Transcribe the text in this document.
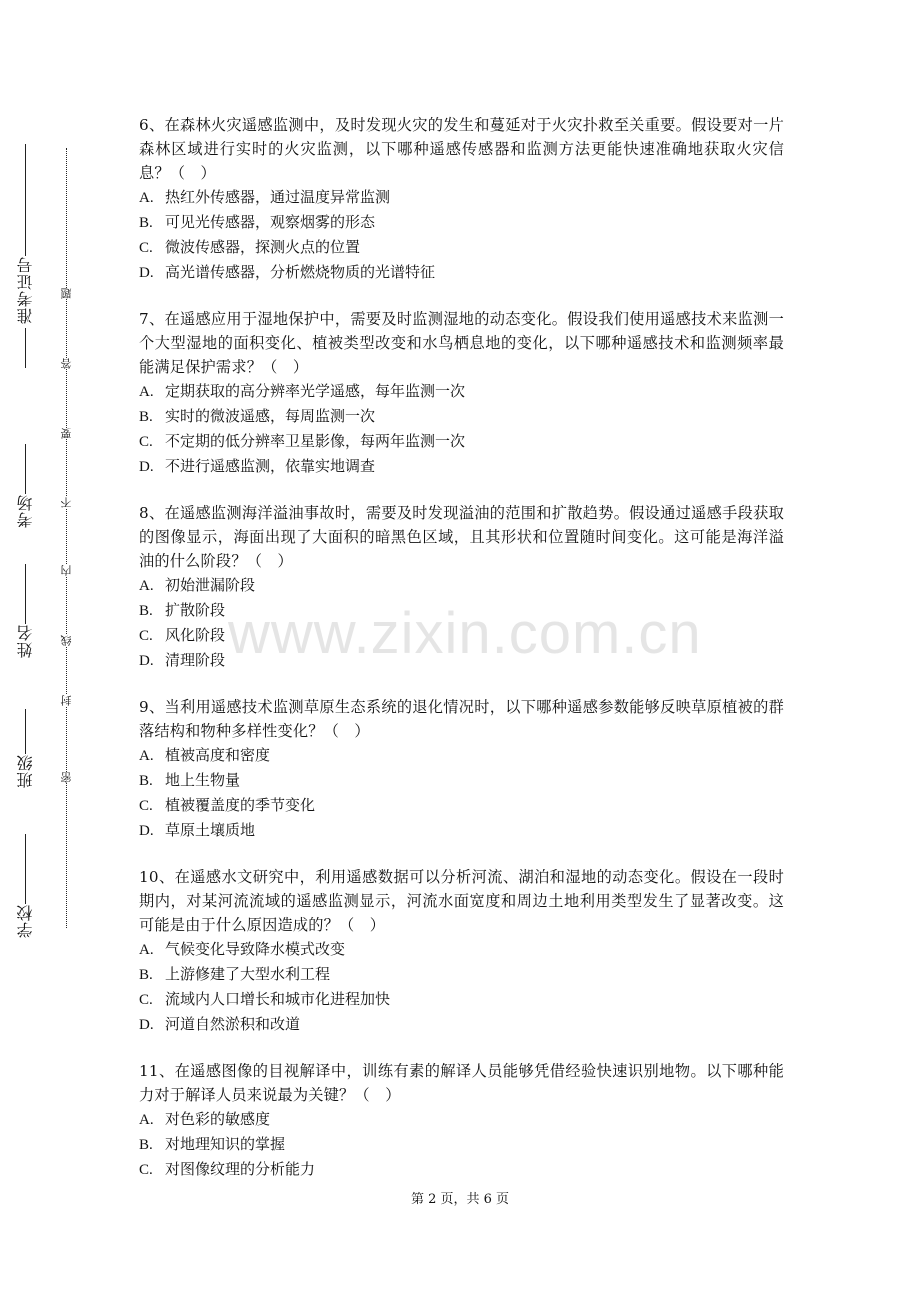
准考证号
考场
姓名
班级
学校
密
封
线
内
不
要
答
题

6、在森林火灾遥感监测中，及时发现火灾的发生和蔓延对于火灾扑救至关重要。假设要对一片森林区域进行实时的火灾监测，以下哪种遥感传感器和监测方法更能快速准确地获取火灾信息？（　）

A. 热红外传感器，通过温度异常监测

B. 可见光传感器，观察烟雾的形态

C. 微波传感器，探测火点的位置

D. 高光谱传感器，分析燃烧物质的光谱特征

7、在遥感应用于湿地保护中，需要及时监测湿地的动态变化。假设我们使用遥感技术来监测一个大型湿地的面积变化、植被类型改变和水鸟栖息地的变化，以下哪种遥感技术和监测频率最能满足保护需求？（　）

A. 定期获取的高分辨率光学遥感，每年监测一次

B. 实时的微波遥感，每周监测一次

C. 不定期的低分辨率卫星影像，每两年监测一次

D. 不进行遥感监测，依靠实地调查

8、在遥感监测海洋溢油事故时，需要及时发现溢油的范围和扩散趋势。假设通过遥感手段获取的图像显示，海面出现了大面积的暗黑色区域，且其形状和位置随时间变化。这可能是海洋溢油的什么阶段？（　）

A. 初始泄漏阶段

B. 扩散阶段

C. 风化阶段

D. 清理阶段

9、当利用遥感技术监测草原生态系统的退化情况时，以下哪种遥感参数能够反映草原植被的群落结构和物种多样性变化？（　）

A. 植被高度和密度

B. 地上生物量

C. 植被覆盖度的季节变化

D. 草原土壤质地

10、在遥感水文研究中，利用遥感数据可以分析河流、湖泊和湿地的动态变化。假设在一段时期内，对某河流流域的遥感监测显示，河流水面宽度和周边土地利用类型发生了显著改变。这可能是由于什么原因造成的？（　）

A. 气候变化导致降水模式改变

B. 上游修建了大型水利工程

C. 流域内人口增长和城市化进程加快

D. 河道自然淤积和改道

11、在遥感图像的目视解译中，训练有素的解译人员能够凭借经验快速识别地物。以下哪种能力对于解译人员来说最为关键？（　）

A. 对色彩的敏感度

B. 对地理知识的掌握

C. 对图像纹理的分析能力

www.zixin.com.cn
第 2 页，共 6 页
